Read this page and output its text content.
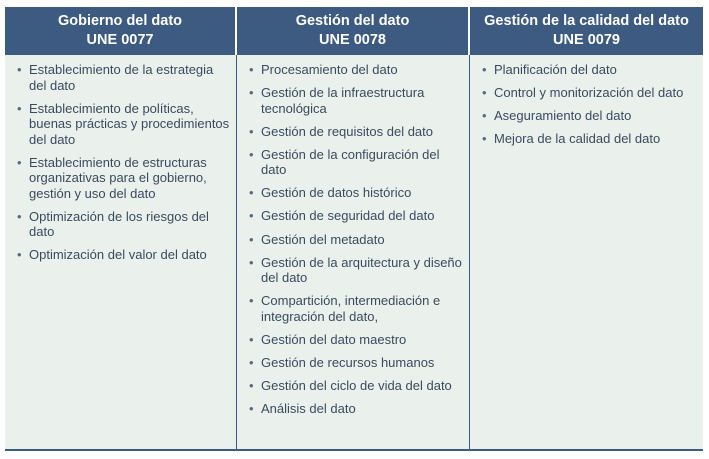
Gobierno del dato
UNE 0077
Gestión del dato
UNE 0078
Gestión de la calidad del dato
UNE 0079
• Establecimiento de la estrategia del dato
• Establecimiento de políticas, buenas prácticas y procedimientos del dato
• Establecimiento de estructuras organizativas para el gobierno, gestión y uso del dato
• Optimización de los riesgos del dato
• Optimización del valor del dato
• Procesamiento del dato
• Gestión de la infraestructura tecnológica
• Gestión de requisitos del dato
• Gestión de la configuración del dato
• Gestión de datos histórico
• Gestión de seguridad del dato
• Gestión del metadato
• Gestión de la arquitectura y diseño del dato
• Compartición, intermediación e integración del dato,
• Gestión del dato maestro
• Gestión de recursos humanos
• Gestión del ciclo de vida del dato
• Análisis del dato
• Planificación del dato
• Control y monitorización del dato
• Aseguramiento del dato
• Mejora de la calidad del dato
